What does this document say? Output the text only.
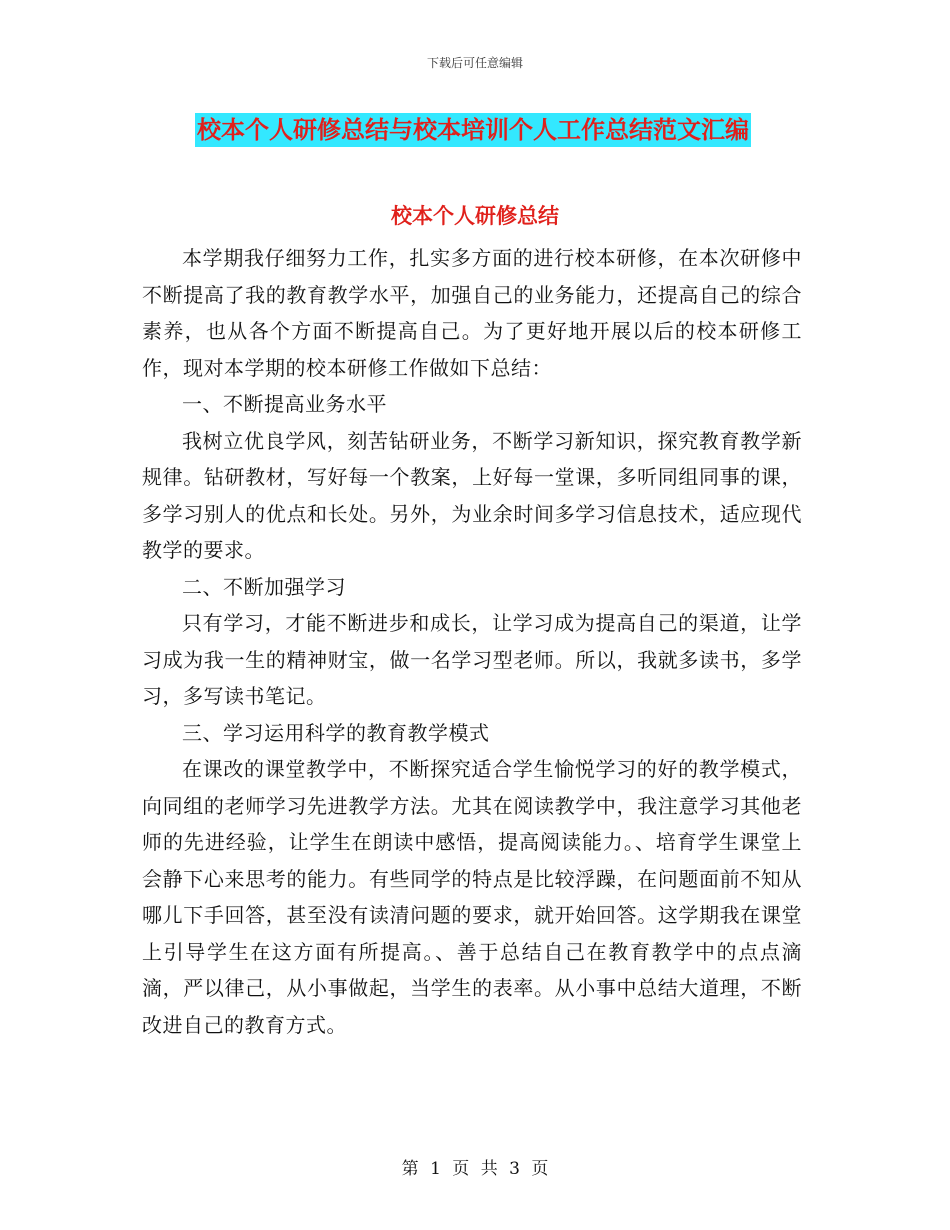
下载后可任意编辑
校本个人研修总结与校本培训个人工作总结范文汇编
校本个人研修总结

本学期我仔细努力工作，扎实多方面的进行校本研修，在本次研修中不断提高了我的教育教学水平，加强自己的业务能力，还提高自己的综合素养，也从各个方面不断提高自己。为了更好地开展以后的校本研修工作，现对本学期的校本研修工作做如下总结：

一、不断提高业务水平

我树立优良学风，刻苦钻研业务，不断学习新知识，探究教育教学新规律。钻研教材，写好每一个教案，上好每一堂课，多听同组同事的课，多学习别人的优点和长处。另外，为业余时间多学习信息技术，适应现代教学的要求。

二、不断加强学习

只有学习，才能不断进步和成长，让学习成为提高自己的渠道，让学习成为我一生的精神财宝，做一名学习型老师。所以，我就多读书，多学习，多写读书笔记。

三、学习运用科学的教育教学模式

在课改的课堂教学中，不断探究适合学生愉悦学习的好的教学模式，向同组的老师学习先进教学方法。尤其在阅读教学中，我注意学习其他老师的先进经验，让学生在朗读中感悟，提高阅读能力。、培育学生课堂上会静下心来思考的能力。有些同学的特点是比较浮躁，在问题面前不知从哪儿下手回答，甚至没有读清问题的要求，就开始回答。这学期我在课堂上引导学生在这方面有所提高。、善于总结自己在教育教学中的点点滴滴，严以律己，从小事做起，当学生的表率。从小事中总结大道理，不断改进自己的教育方式。

第 1 页 共 3 页
